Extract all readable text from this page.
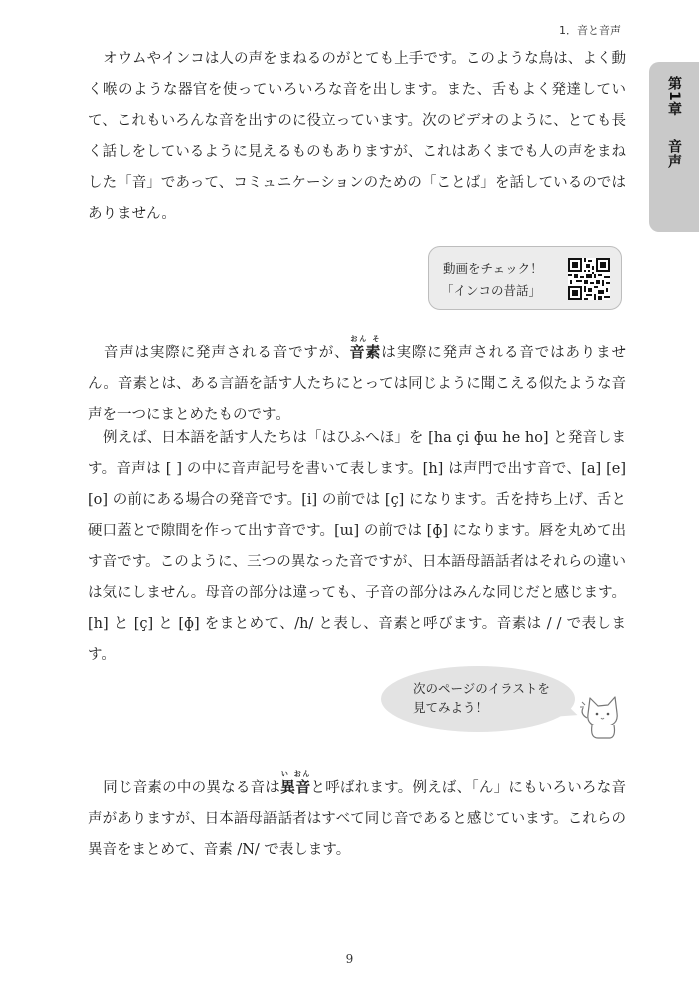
1．音と音声
第1章
音声

オウムやインコは人の声をまねるのがとても上手です。このような鳥は、よく動く喉のような器官を使っていろいろな音を出します。また、舌もよく発達していて、これもいろんな音を出すのに役立っています。次のビデオのように、とても長く話しをしているように見えるものもありますが、これはあくまでも人の声をまねした「音」であって、コミュニケーションのための「ことば」を話しているのではありません。

動画をチェック！
「インコの昔話」

音声は実際に発声される音ですが、音素おん そは実際に発声される音ではありません。音素とは、ある言語を話す人たちにとっては同じように聞こえる似たような音声を一つにまとめたものです。

例えば、日本語を話す人たちは「はひふへほ」を [ha çi ɸɯ he ho] と発音します。音声は [ ] の中に音声記号を書いて表します。[h] は声門で出す音で、[a] [e] [o] の前にある場合の発音です。[i] の前では [ç] になります。舌を持ち上げ、舌と硬口蓋とで隙間を作って出す音です。[ɯ] の前では [ɸ] になります。唇を丸めて出す音です。このように、三つの異なった音ですが、日本語母語話者はそれらの違いは気にしません。母音の部分は違っても、子音の部分はみんな同じだと感じます。[h] と [ç] と [ɸ] をまとめて、/h/ と表し、音素と呼びます。音素は / / で表します。

次のページのイラストを
見てみよう！

同じ音素の中の異なる音は異音い おんと呼ばれます。例えば、「ん」にもいろいろな音声がありますが、日本語母語話者はすべて同じ音であると感じています。これらの異音をまとめて、音素 /N/ で表します。

9
